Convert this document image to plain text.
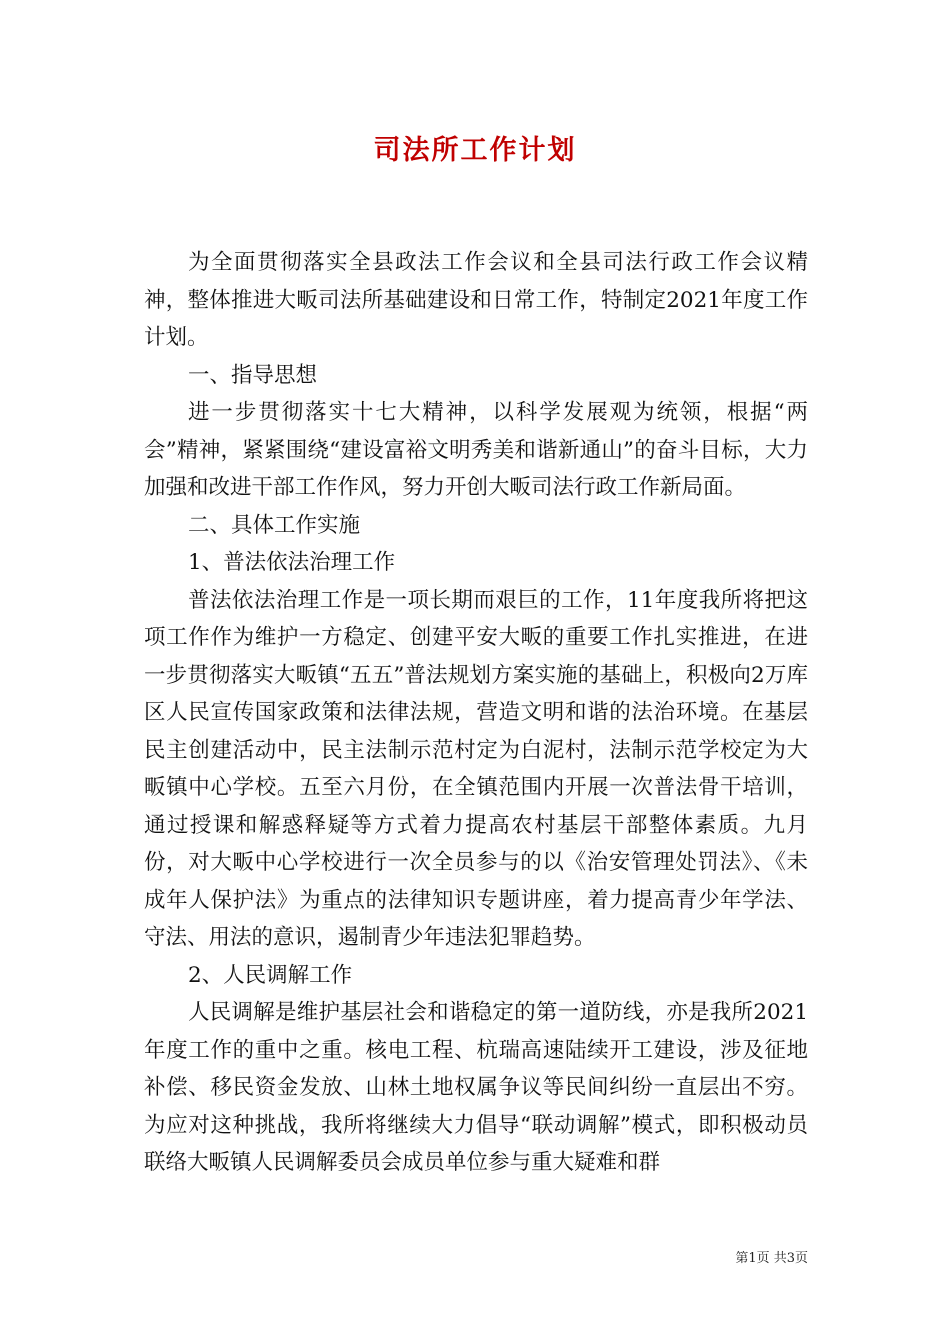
司法所工作计划

为全面贯彻落实全县政法工作会议和全县司法行政工作会议精神，整体推进大畈司法所基础建设和日常工作，特制定2021年度工作计划。

一、指导思想

进一步贯彻落实十七大精神，以科学发展观为统领，根据“两会”精神，紧紧围绕“建设富裕文明秀美和谐新通山”的奋斗目标，大力加强和改进干部工作作风，努力开创大畈司法行政工作新局面。

二、具体工作实施

1、普法依法治理工作

普法依法治理工作是一项长期而艰巨的工作，11年度我所将把这项工作作为维护一方稳定、创建平安大畈的重要工作扎实推进，在进一步贯彻落实大畈镇“五五”普法规划方案实施的基础上，积极向2万库区人民宣传国家政策和法律法规，营造文明和谐的法治环境。在基层民主创建活动中，民主法制示范村定为白泥村，法制示范学校定为大畈镇中心学校。五至六月份，在全镇范围内开展一次普法骨干培训，通过授课和解惑释疑等方式着力提高农村基层干部整体素质。九月份，对大畈中心学校进行一次全员参与的以《治安管理处罚法》、《未成年人保护法》为重点的法律知识专题讲座，着力提高青少年学法、守法、用法的意识，遏制青少年违法犯罪趋势。

2、人民调解工作

人民调解是维护基层社会和谐稳定的第一道防线，亦是我所2021年度工作的重中之重。核电工程、杭瑞高速陆续开工建设，涉及征地补偿、移民资金发放、山林土地权属争议等民间纠纷一直层出不穷。为应对这种挑战，我所将继续大力倡导“联动调解”模式，即积极动员联络大畈镇人民调解委员会成员单位参与重大疑难和群

第1页 共3页
